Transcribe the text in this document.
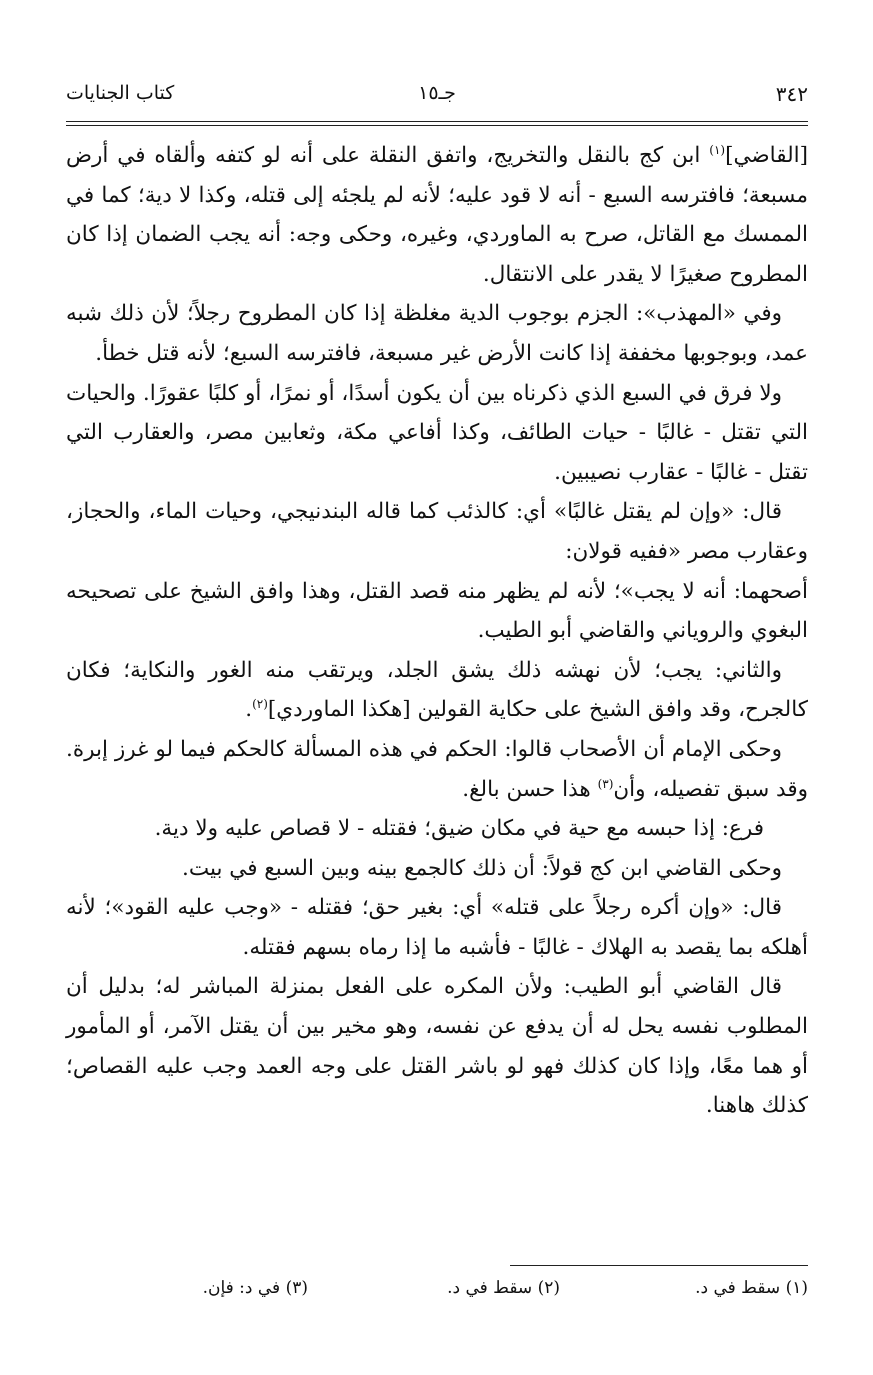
٣٤٢
جـ١٥
كتاب الجنايات

[القاضي]$^{(١)}$ ابن كج بالنقل والتخريج، واتفق النقلة على أنه لو كتفه وألقاه في أرض مسبعة؛ فافترسه السبع - أنه لا قود عليه؛ لأنه لم يلجئه إلى قتله، وكذا لا دية؛ كما في الممسك مع القاتل، صرح به الماوردي، وغيره، وحكى وجه: أنه يجب الضمان إذا كان المطروح صغيرًا لا يقدر على الانتقال.

وفي «المهذب»: الجزم بوجوب الدية مغلظة إذا كان المطروح رجلاً؛ لأن ذلك شبه عمد، وبوجوبها مخففة إذا كانت الأرض غير مسبعة، فافترسه السبع؛ لأنه قتل خطأ.

ولا فرق في السبع الذي ذكرناه بين أن يكون أسدًا، أو نمرًا، أو كلبًا عقورًا. والحيات التي تقتل - غالبًا - حيات الطائف، وكذا أفاعي مكة، وثعابين مصر، والعقارب التي تقتل - غالبًا - عقارب نصيبين.

قال: «وإن لم يقتل غالبًا» أي: كالذئب كما قاله البندنيجي، وحيات الماء، والحجاز، وعقارب مصر «ففيه قولان:

أصحهما: أنه لا يجب»؛ لأنه لم يظهر منه قصد القتل، وهذا وافق الشيخ على تصحيحه البغوي والروياني والقاضي أبو الطيب.

والثاني: يجب؛ لأن نهشه ذلك يشق الجلد، ويرتقب منه الغور والنكاية؛ فكان كالجرح، وقد وافق الشيخ على حكاية القولين [هكذا الماوردي]$^{(٢)}$.

وحكى الإمام أن الأصحاب قالوا: الحكم في هذه المسألة كالحكم فيما لو غرز إبرة. وقد سبق تفصيله، وأن$^{(٣)}$ هذا حسن بالغ.

فرع: إذا حبسه مع حية في مكان ضيق؛ فقتله - لا قصاص عليه ولا دية.

وحكى القاضي ابن كج قولاً: أن ذلك كالجمع بينه وبين السبع في بيت.

قال: «وإن أكره رجلاً على قتله» أي: بغير حق؛ فقتله - «وجب عليه القود»؛ لأنه أهلكه بما يقصد به الهلاك - غالبًا - فأشبه ما إذا رماه بسهم فقتله.

قال القاضي أبو الطيب: ولأن المكره على الفعل بمنزلة المباشر له؛ بدليل أن المطلوب نفسه يحل له أن يدفع عن نفسه، وهو مخير بين أن يقتل الآمر، أو المأمور أو هما معًا، وإذا كان كذلك فهو لو باشر القتل على وجه العمد وجب عليه القصاص؛ كذلك هاهنا.

(١) سقط في د.
(٢) سقط في د.
(٣) في د: فإن.
